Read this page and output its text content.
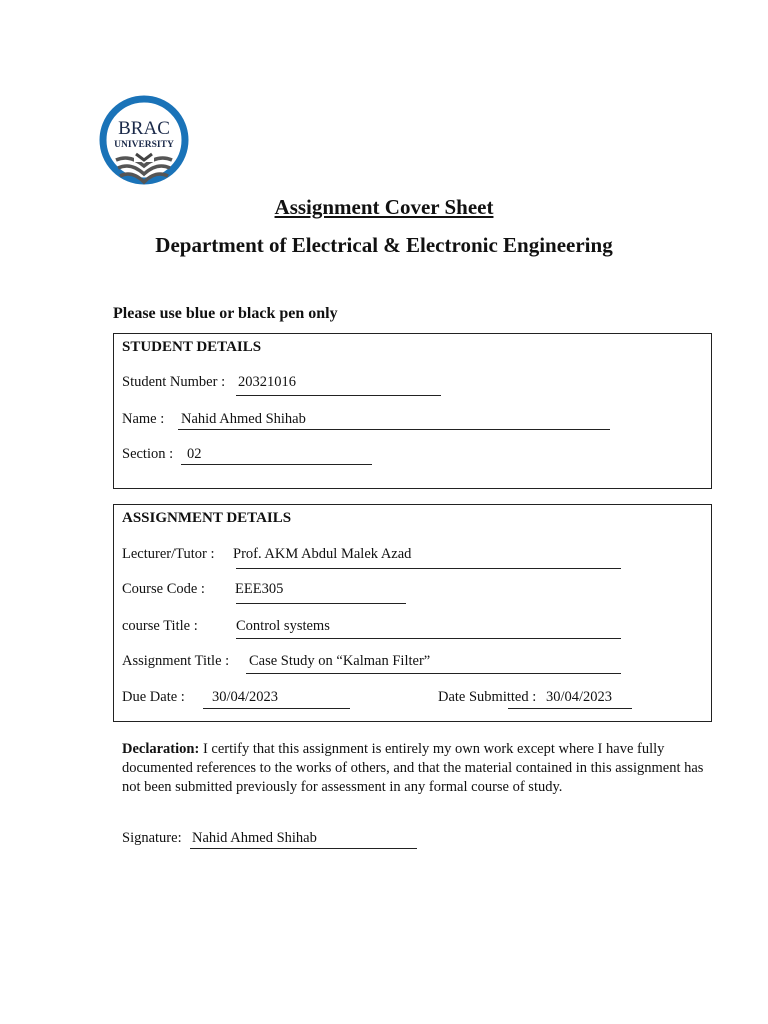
BRAC
UNIVERSITY
Assignment Cover Sheet
Department of Electrical & Electronic Engineering
Please use blue or black pen only
STUDENT DETAILS
Student Number : 20321016
Name : Nahid Ahmed Shihab
Section : 02
ASSIGNMENT DETAILS
Lecturer/Tutor : Prof. AKM Abdul Malek Azad
Course Code : EEE305
course Title :	Control systems
Assignment Title : Case Study on “Kalman Filter”
Due Date : 30/04/2023	Date Submitted : 30/04/2023
Declaration: I certify that this assignment is entirely my own work except where I have fully documented references to the works of others, and that the material contained in this assignment has not been submitted previously for assessment in any formal course of study.
Signature: Nahid Ahmed Shihab
